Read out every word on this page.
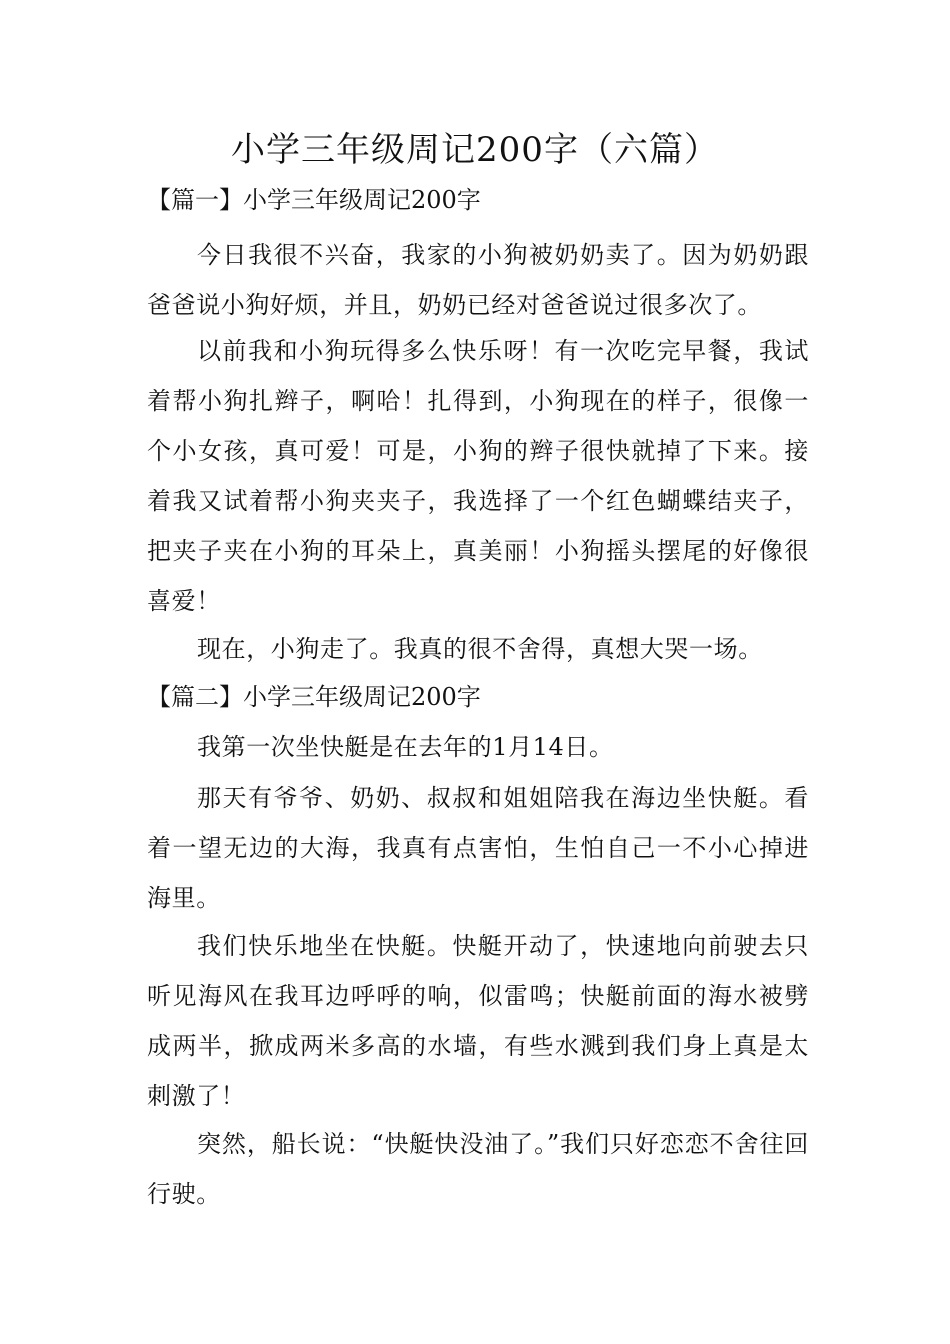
小学三年级周记200字（六篇）
【篇一】小学三年级周记200字

今日我很不兴奋，我家的小狗被奶奶卖了。因为奶奶跟爸爸说小狗好烦，并且，奶奶已经对爸爸说过很多次了。

以前我和小狗玩得多么快乐呀！有一次吃完早餐，我试着帮小狗扎辫子，啊哈！扎得到，小狗现在的样子，很像一个小女孩，真可爱！可是，小狗的辫子很快就掉了下来。接着我又试着帮小狗夹夹子，我选择了一个红色蝴蝶结夹子，把夹子夹在小狗的耳朵上，真美丽！小狗摇头摆尾的好像很喜爱！

现在，小狗走了。我真的很不舍得，真想大哭一场。

【篇二】小学三年级周记200字

我第一次坐快艇是在去年的1月14日。

那天有爷爷、奶奶、叔叔和姐姐陪我在海边坐快艇。看着一望无边的大海，我真有点害怕，生怕自己一不小心掉进海里。

我们快乐地坐在快艇。快艇开动了，快速地向前驶去只听见海风在我耳边呼呼的响，似雷鸣；快艇前面的海水被劈成两半，掀成两米多高的水墙，有些水溅到我们身上真是太刺激了！

突然，船长说：“快艇快没油了。”我们只好恋恋不舍往回行驶。
